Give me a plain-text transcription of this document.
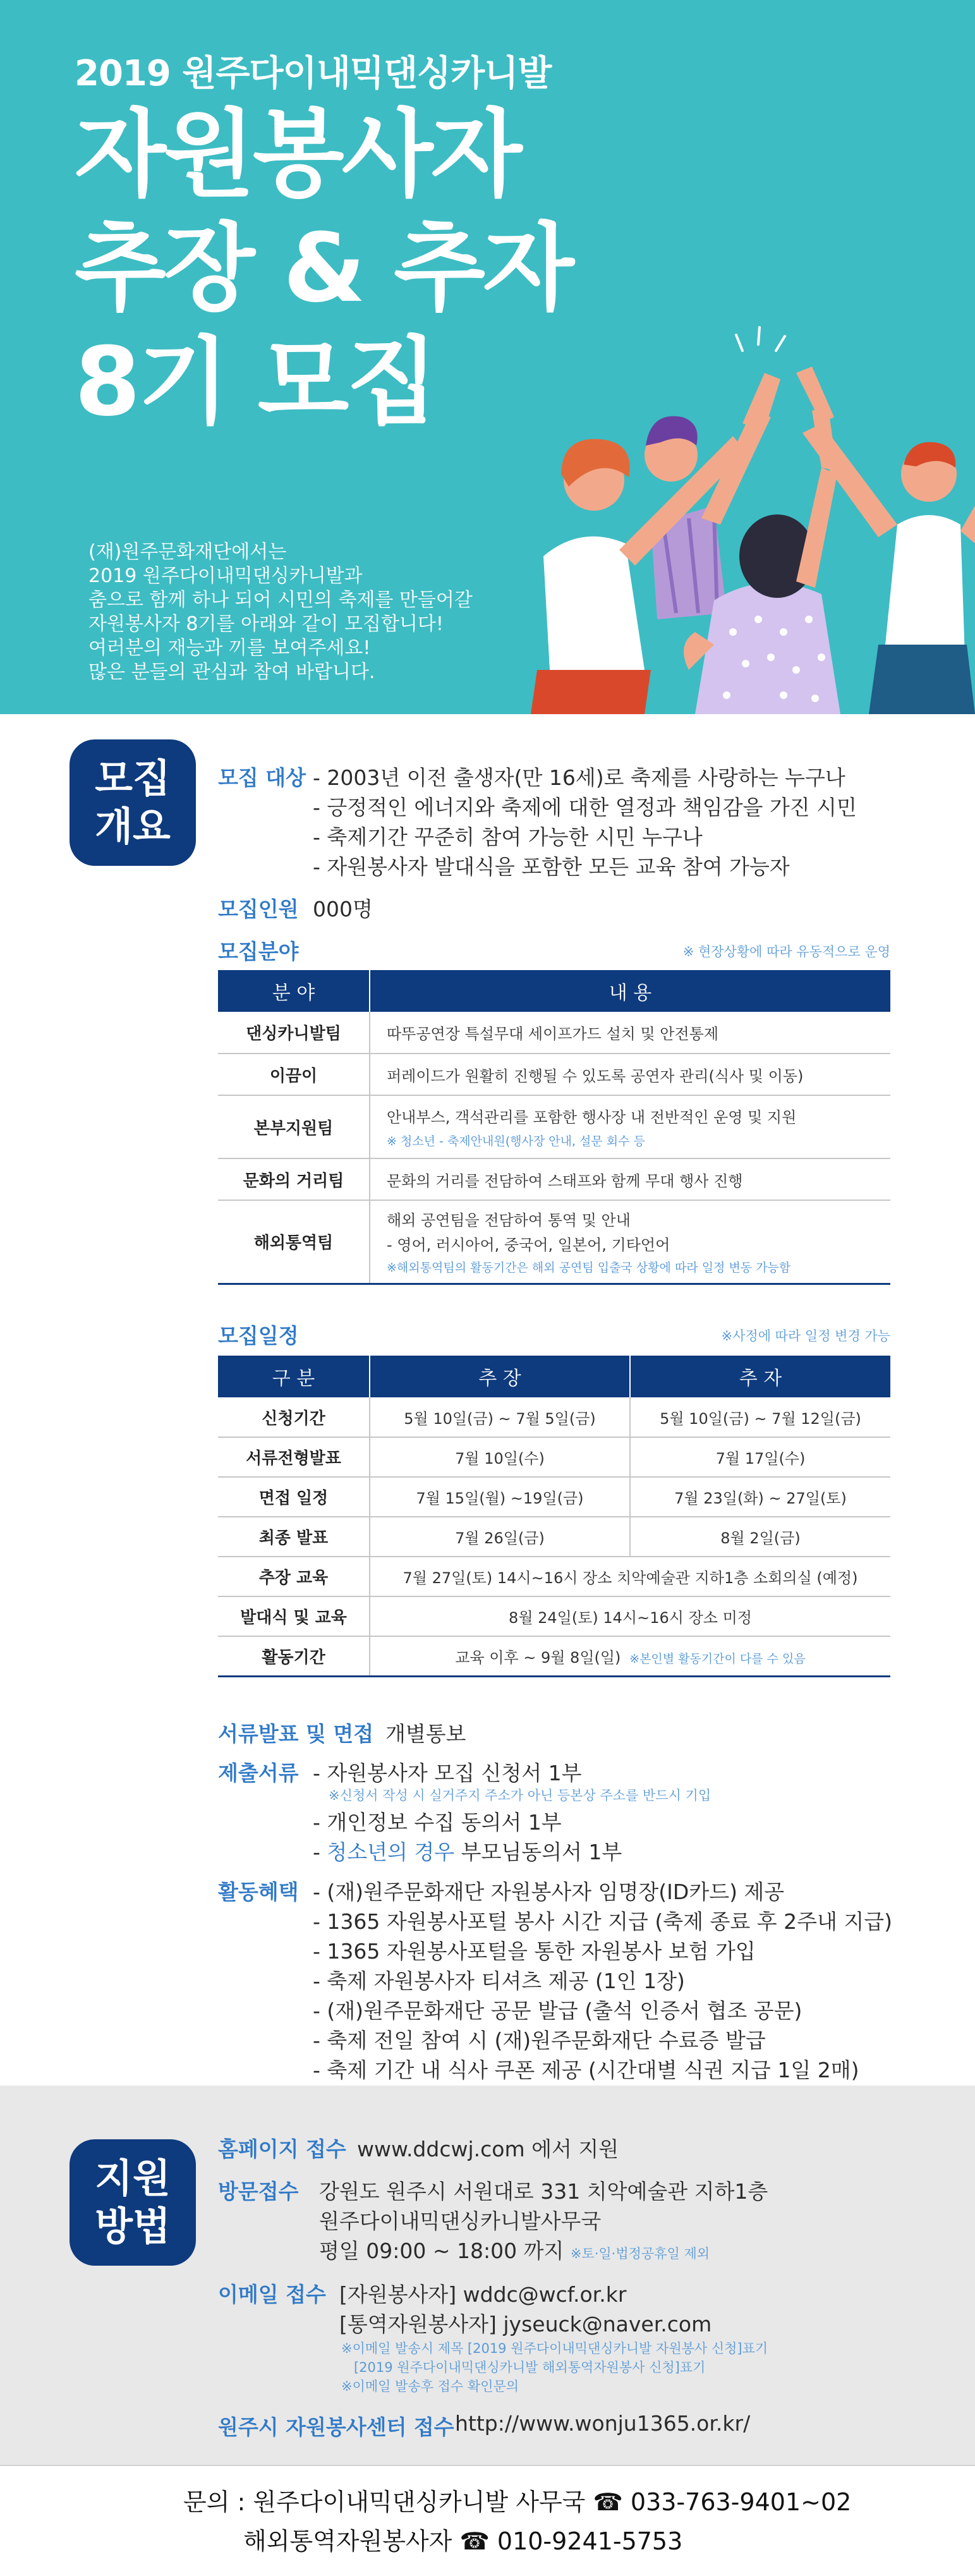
2019 원주다이내믹댄싱카니발
자원봉사자
추장 & 추자
8기 모집
(재)원주문화재단에서는
2019 원주다이내믹댄싱카니발과
춤으로 함께 하나 되어 시민의 축제를 만들어갈
자원봉사자 8기를 아래와 같이 모집합니다!
여러분의 재능과 끼를 보여주세요!
많은 분들의 관심과 참여 바랍니다.
모집
개요
모집 대상 - 2003년 이전 출생자(만 16세)로 축제를 사랑하는 누구나
- 긍정적인 에너지와 축제에 대한 열정과 책임감을 가진 시민
- 축제기간 꾸준히 참여 가능한 시민 누구나
- 자원봉사자 발대식을 포함한 모든 교육 참여 가능자
모집인원 000명
모집분야	※ 현장상황에 따라 유동적으로 운영
분 야	내 용
댄싱카니발팀	따뚜공연장 특설무대 세이프가드 설치 및 안전통제
이끔이	퍼레이드가 원활히 진행될 수 있도록 공연자 관리(식사 및 이동)
본부지원팀	안내부스, 객석관리를 포함한 행사장 내 전반적인 운영 및 지원
※ 청소년 - 축제안내원(행사장 안내, 설문 회수 등

문화의 거리팀	문화의 거리를 전담하여 스태프와 함께 무대 행사 진행
해외통역팀	해외 공연팀을 전담하여 통역 및 안내
- 영어, 러시아어, 중국어, 일본어, 기타언어
※해외통역팀의 활동기간은 해외 공연팀 입출국 상황에 따라 일정 변동 가능함
모집일정	※사정에 따라 일정 변경 가능
구 분	추 장	추 자
신청기간	5월 10일(금) ~ 7월 5일(금)	5월 10일(금) ~ 7월 12일(금)
서류전형발표	7월 10일(수)	7월 17일(수)
면접 일정	7월 15일(월) ~19일(금)	7월 23일(화) ~ 27일(토)
최종 발표	7월 26일(금)	8월 2일(금)
추장 교육	7월 27일(토) 14시~16시 장소 치악예술관 지하1층 소회의실 (예정)	
발대식 및 교육	8월 24일(토) 14시~16시 장소 미정	
활동기간	교육 이후 ~ 9월 8일(일) ※본인별 활동기간이 다를 수 있음	
서류발표 및 면접 개별통보
제출서류 - 자원봉사자 모집 신청서 1부
※신청서 작성 시 실거주지 주소가 아닌 등본상 주소를 반드시 기입
- 개인정보 수집 동의서 1부
- 청소년의 경우 부모님동의서 1부
활동혜택 - (재)원주문화재단 자원봉사자 임명장(ID카드) 제공
- 1365 자원봉사포털 봉사 시간 지급 (축제 종료 후 2주내 지급)
- 1365 자원봉사포털을 통한 자원봉사 보험 가입
- 축제 자원봉사자 티셔츠 제공 (1인 1장)
- (재)원주문화재단 공문 발급 (출석 인증서 협조 공문)
- 축제 전일 참여 시 (재)원주문화재단 수료증 발급
- 축제 기간 내 식사 쿠폰 제공 (시간대별 식권 지급 1일 2매)
지원
방법
홈페이지 접수 www.ddcwj.com 에서 지원
방문접수 강원도 원주시 서원대로 331 치악예술관 지하1층
원주다이내믹댄싱카니발사무국
평일 09:00 ~ 18:00 까지 ※토·일·법정공휴일 제외
이메일 접수 [자원봉사자] wddc@wcf.or.kr
[통역자원봉사자] jyseuck@naver.com
※이메일 발송시 제목 [2019 원주다이내믹댄싱카니발 자원봉사 신청]표기
[2019 원주다이내믹댄싱카니발 해외통역자원봉사 신청]표기
※이메일 발송후 접수 확인문의
원주시 자원봉사센터 접수 http://www.wonju1365.or.kr/
문의 : 원주다이내믹댄싱카니발 사무국 ☎ 033-763-9401~02
해외통역자원봉사자 ☎ 010-9241-5753
